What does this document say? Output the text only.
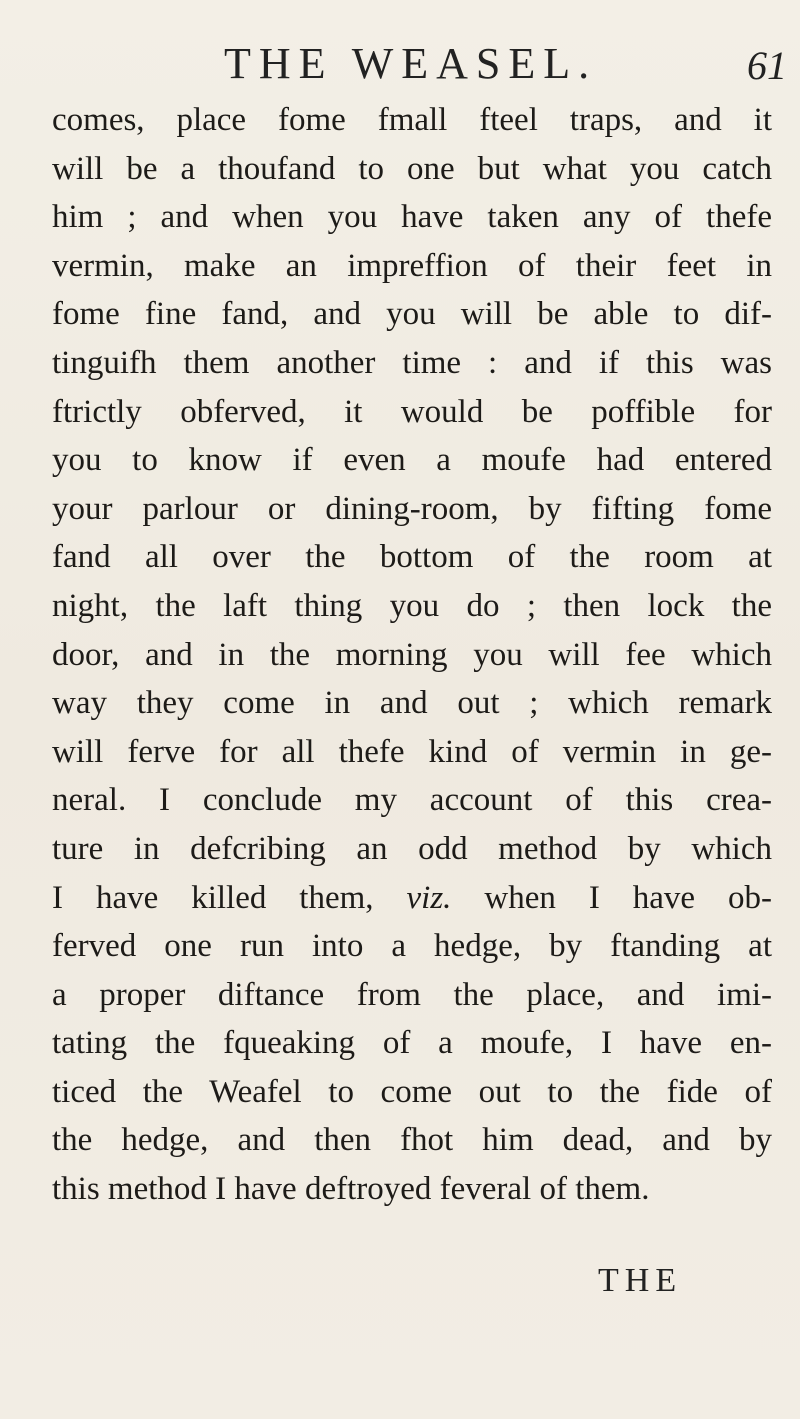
THE WEASEL.	61
comes, place fome fmall fteel traps, and it
will be a thoufand to one but what you catch
him ; and when you have taken any of thefe
vermin, make an impreffion of their feet in
fome fine fand, and you will be able to dif-
tinguifh them another time : and if this was
ftrictly obferved, it would be poffible for
you to know if even a moufe had entered
your parlour or dining-room, by fifting fome
fand all over the bottom of the room at
night, the laft thing you do ; then lock the
door, and in the morning you will fee which
way they come in and out ; which remark
will ferve for all thefe kind of vermin in ge-
neral. I conclude my account of this crea-
ture in defcribing an odd method by which
I have killed them, viz. when I have ob-
ferved one run into a hedge, by ftanding at
a proper diftance from the place, and imi-
tating the fqueaking of a moufe, I have en-
ticed the Weafel to come out to the fide of
the hedge, and then fhot him dead, and by
this method I have deftroyed feveral of them.
THE
